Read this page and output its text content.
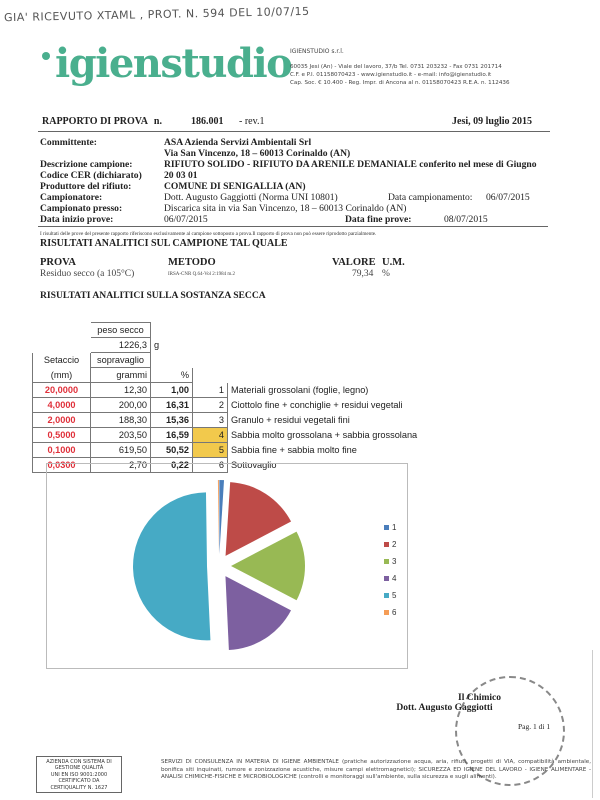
GIA' RICEVUTO XTAML , PROT. N. 594 DEL 10/07/15
igienstudio
IGIENSTUDIO s.r.l.
60035 Jesi (An) - Viale del lavoro, 37/b Tel. 0731 203232 - Fax 0731 201714
C.F. e P.I. 01158070423 - www.igienstudio.it - e-mail: info@igienstudio.it
Cap. Soc. € 10.400 - Reg. Impr. di Ancona al n. 01158070423 R.E.A. n. 112436
RAPPORTO DI PROVA n.	186.001 - rev.1	Jesi, 09 luglio 2015
Committente:	ASA Azienda Servizi Ambientali Srl
Via San Vincenzo, 18 – 60013 Corinaldo (AN)
Descrizione campione:	RIFIUTO SOLIDO - RIFIUTO DA ARENILE DEMANIALE conferito nel mese di Giugno
Codice CER (dichiarato) 20 03 01
Produttore del rifiuto:	COMUNE DI SENIGALLIA (AN)
Campionatore:	Dott. Augusto Gaggiotti (Norma UNI 10801)	Data campionamento: 06/07/2015
Campionato presso:	Discarica sita in via San Vincenzo, 18 – 60013 Corinaldo (AN)
Data inizio prove:	06/07/2015	Data fine prove:	08/07/2015
I risultati delle prove del presente rapporto riferiscono esclusivamente al campione sottoposto a prova.Il rapporto di prova non può essere riprodotto parzialmente.
RISULTATI ANALITICI SUL CAMPIONE TAL QUALE
PROVA	METODO	VALORE U.M.
Residuo secco (a 105°C)	IRSA-CNR Q.64-Vol 2:1984 m.2	79,34 %
RISULTATI ANALITICI SULLA SOSTANZA SECCA
	peso secco			
	1226,3	g		
Setaccio	sopravaglio			
(mm)	grammi	%		
20,0000	12,30	1,00	1	Materiali grossolani (foglie, legno)
4,0000	200,00	16,31	2	Ciottolo fine + conchiglie + residui vegetali
2,0000	188,30	15,36	3	Granulo + residui vegetali fini
0,5000	203,50	16,59	4	Sabbia molto grossolana + sabbia grossolana
0,1000	619,50	50,52	5	Sabbia fine + sabbia molto fine
0,0300	2,70	0,22	6	Sottovaglio
1
2
3
4
5
6
Il Chimico
Dott. Augusto Gaggiotti
Pag. 1 di 1
AZIENDA CON SISTEMA DI
GESTIONE QUALITÀ
UNI EN ISO 9001:2000
CERTIFICATO DA
CERTIQUALITY N. 1627
SERVIZI DI CONSULENZA IN MATERIA DI IGIENE AMBIENTALE (pratiche autorizzazione acqua, aria, rifiuti, progetti di VIA, compatibilità ambientale, bonifica siti inquinati, rumore e zonizzazione acustiche, misure campi elettromagnetici); SICUREZZA ED IGIENE DEL LAVORO - IGIENE ALIMENTARE - ANALISI CHIMICHE-FISICHE E MICROBIOLOGICHE (controlli e monitoraggi sull'ambiente, sulla sicurezza e sugli alimenti).
